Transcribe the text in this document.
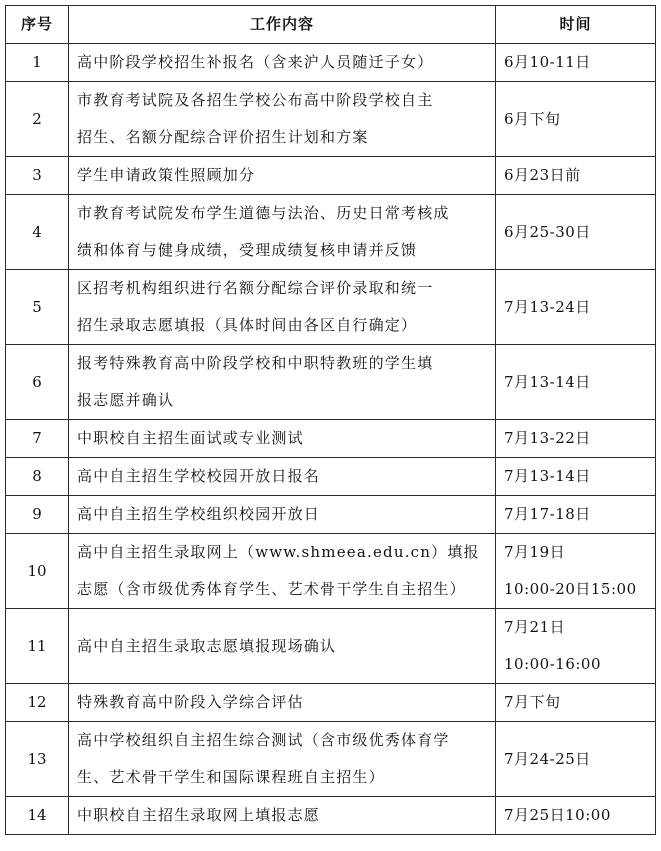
序号	工作内容	时间
1	高中阶段学校招生补报名（含来沪人员随迁子女）	6月10-11日

2	市教育考试院及各招生学校公布高中阶段学校自主
招生、名额分配综合评价招生计划和方案	6月下旬

3	学生申请政策性照顾加分	6月23日前

4	市教育考试院发布学生道德与法治、历史日常考核成
绩和体育与健身成绩，受理成绩复核申请并反馈	6月25-30日

5	区招考机构组织进行名额分配综合评价录取和统一
招生录取志愿填报（具体时间由各区自行确定）	7月13-24日

6	报考特殊教育高中阶段学校和中职特教班的学生填
报志愿并确认	7月13-14日

7	中职校自主招生面试或专业测试	7月13-22日

8	高中自主招生学校校园开放日报名	7月13-14日

9	高中自主招生学校组织校园开放日	7月17-18日

10	高中自主招生录取网上（www.shmeea.edu.cn）填报
志愿（含市级优秀体育学生、艺术骨干学生自主招生）	7月19日
10:00-20日15:00

11	高中自主招生录取志愿填报现场确认	7月21日
10:00-16:00

12	特殊教育高中阶段入学综合评估	7月下旬

13	高中学校组织自主招生综合测试（含市级优秀体育学
生、艺术骨干学生和国际课程班自主招生）	7月24-25日

14	中职校自主招生录取网上填报志愿	7月25日10:00
